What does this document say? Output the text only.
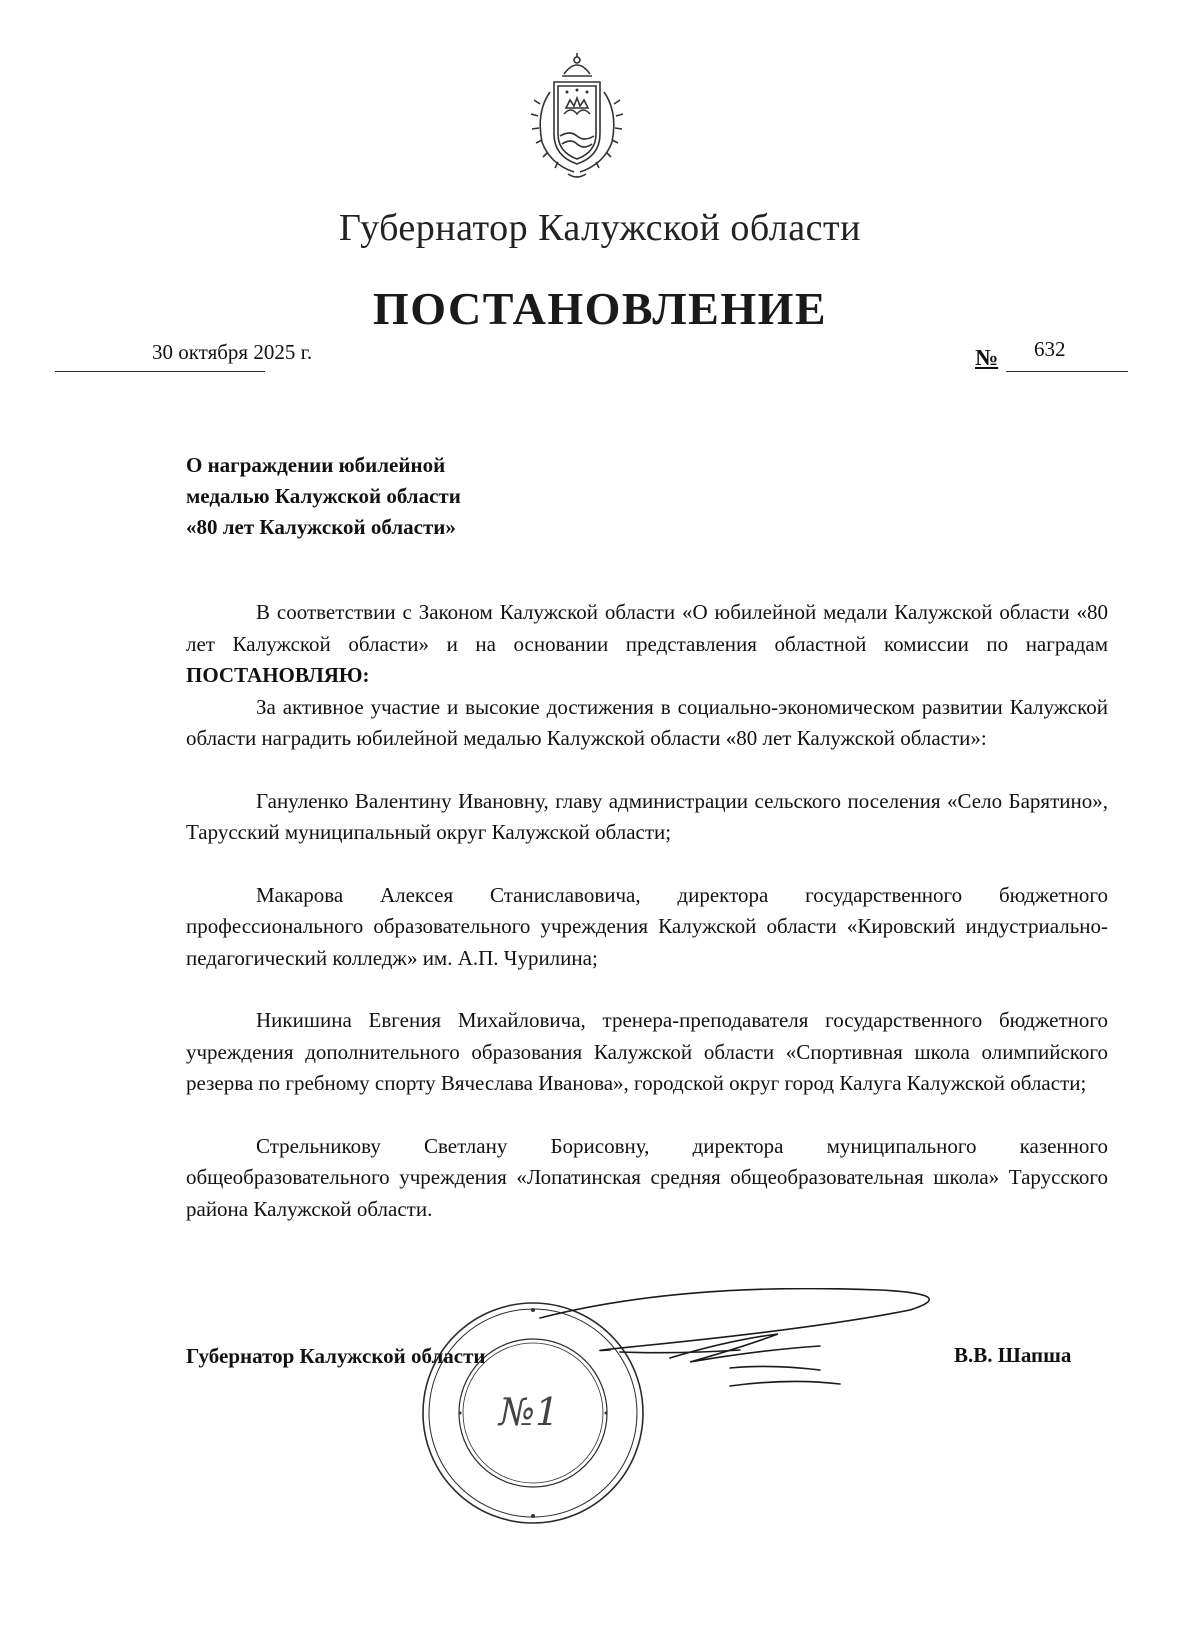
Губернатор Калужской области
ПОСТАНОВЛЕНИЕ
30 октября 2025 г.	№ 632
О награждении юбилейной
медалью Калужской области
«80 лет Калужской области»

В соответствии с Законом Калужской области «О юбилейной медали Калужской области «80 лет Калужской области» и на основании представления областной комиссии по наградам ПОСТАНОВЛЯЮ:

За активное участие и высокие достижения в социально-экономическом развитии Калужской области наградить юбилейной медалью Калужской области «80 лет Калужской области»:

Гануленко Валентину Ивановну, главу администрации сельского поселения «Село Барятино», Тарусский муниципальный округ Калужской области;

Макарова Алексея Станиславовича, директора государственного бюджетного профессионального образовательного учреждения Калужской области «Кировский индустриально-педагогический колледж» им. А.П. Чурилина;

Никишина Евгения Михайловича, тренера-преподавателя государственного бюджетного учреждения дополнительного образования Калужской области «Спортивная школа олимпийского резерва по гребному спорту Вячеслава Иванова», городской округ город Калуга Калужской области;

Стрельникову Светлану Борисовну, директора муниципального казенного общеобразовательного учреждения «Лопатинская средняя общеобразовательная школа» Тарусского района Калужской области.

№1
Губернатор Калужской области	В.В. Шапша
